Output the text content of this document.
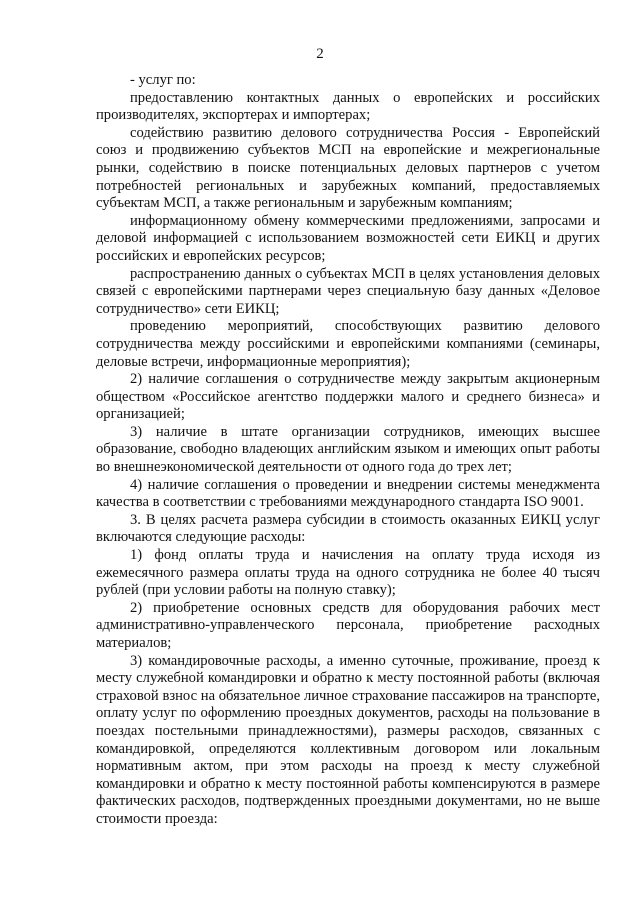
2

- услуг по:

предоставлению контактных данных о европейских и российских производителях, экспортерах и импортерах;

содействию развитию делового сотрудничества Россия - Европейский союз и продвижению субъектов МСП на европейские и межрегиональные рынки, содействию в поиске потенциальных деловых партнеров с учетом потребностей региональных и зарубежных компаний, предоставляемых субъектам МСП, а также региональным и зарубежным компаниям;

информационному обмену коммерческими предложениями, запросами и деловой информацией с использованием возможностей сети ЕИКЦ и других российских и европейских ресурсов;

распространению данных о субъектах МСП в целях установления деловых связей с европейскими партнерами через специальную базу данных «Деловое сотрудничество» сети ЕИКЦ;

проведению мероприятий, способствующих развитию делового сотрудничества между российскими и европейскими компаниями (семинары, деловые встречи, информационные мероприятия);

2) наличие соглашения о сотрудничестве между закрытым акционерным обществом «Российское агентство поддержки малого и среднего бизнеса» и организацией;

3) наличие в штате организации сотрудников, имеющих высшее образование, свободно владеющих английским языком и имеющих опыт работы во внешнеэкономической деятельности от одного года до трех лет;

4) наличие соглашения о проведении и внедрении системы менеджмента качества в соответствии с требованиями международного стандарта ISO 9001.

3. В целях расчета размера субсидии в стоимость оказанных ЕИКЦ услуг включаются следующие расходы:

1) фонд оплаты труда и начисления на оплату труда исходя из ежемесячного размера оплаты труда на одного сотрудника не более 40 тысяч рублей (при условии работы на полную ставку);

2) приобретение основных средств для оборудования рабочих мест административно-управленческого персонала, приобретение расходных материалов;

3) командировочные расходы, а именно суточные, проживание, проезд к месту служебной командировки и обратно к месту постоянной работы (включая страховой взнос на обязательное личное страхование пассажиров на транспорте, оплату услуг по оформлению проездных документов, расходы на пользование в поездах постельными принадлежностями), размеры расходов, связанных с командировкой, определяются коллективным договором или локальным нормативным актом, при этом расходы на проезд к месту служебной командировки и обратно к месту постоянной работы компенсируются в размере фактических расходов, подтвержденных проездными документами, но не выше стоимости проезда:
